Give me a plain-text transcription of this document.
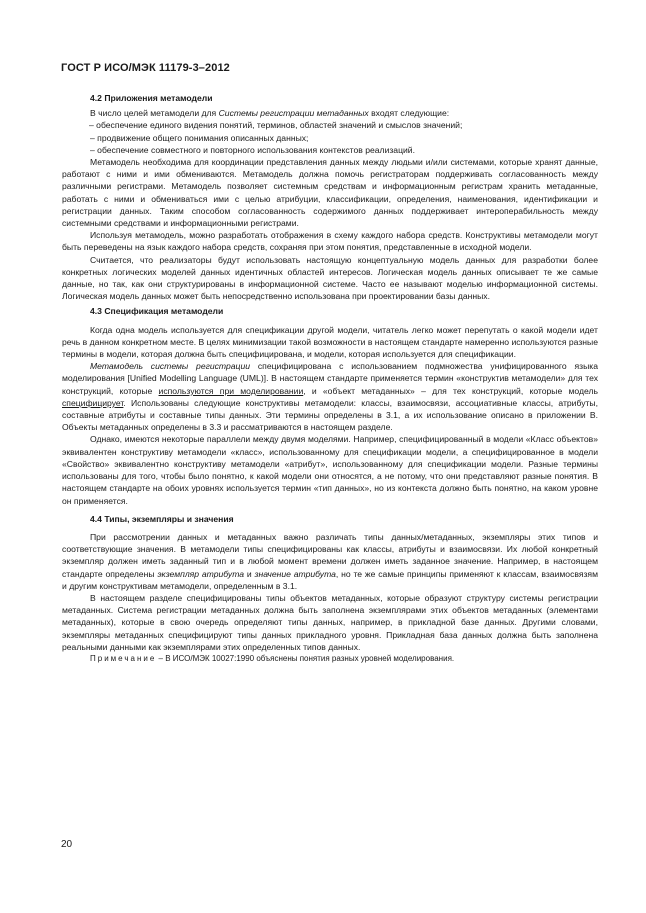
ГОСТ Р ИСО/МЭК 11179-3–2012
4.2 Приложения метамодели

В число целей метамодели для Системы регистрации метаданных входят следующие:

– обеспечение единого видения понятий, терминов, областей значений и смыслов значений;

– продвижение общего понимания описанных данных;

– обеспечение совместного и повторного использования контекстов реализаций.

Метамодель необходима для координации представления данных между людьми и/или системами, которые хранят данные, работают с ними и ими обмениваются. Метамодель должна помочь регистраторам поддерживать согласованность между различными регистрами. Метамодель позволяет системным средствам и информационным регистрам хранить метаданные, работать с ними и обмениваться ими с целью атрибуции, классификации, определения, наименования, идентификации и регистрации данных. Таким способом согласованность содержимого данных поддерживает интероперабильность между системными средствами и информационными регистрами.

Используя метамодель, можно разработать отображения в схему каждого набора средств. Конструктивы метамодели могут быть переведены на язык каждого набора средств, сохраняя при этом понятия, представленные в исходной модели.

Считается, что реализаторы будут использовать настоящую концептуальную модель данных для разработки более конкретных логических моделей данных идентичных областей интересов. Логическая модель данных описывает те же самые данные, но так, как они структурированы в информационной системе. Часто ее называют моделью информационной системы. Логическая модель данных может быть непосредственно использована при проектировании базы данных.

4.3 Спецификация метамодели

Когда одна модель используется для спецификации другой модели, читатель легко может перепутать о какой модели идет речь в данном конкретном месте. В целях минимизации такой возможности в настоящем стандарте намеренно используются разные термины в модели, которая должна быть специфицирована, и модели, которая используется для спецификации.

Метамодель системы регистрации специфицирована с использованием подмножества унифицированного языка моделирования [Unified Modelling Language (UML)]. В настоящем стандарте применяется термин «конструктив метамодели» для тех конструкций, которые используются при моделировании, и «объект метаданных» – для тех конструкций, которые модель специфицирует. Использованы следующие конструктивы метамодели: классы, взаимосвязи, ассоциативные классы, атрибуты, составные атрибуты и составные типы данных. Эти термины определены в 3.1, а их использование описано в приложении В. Объекты метаданных определены в 3.3 и рассматриваются в настоящем разделе.

Однако, имеются некоторые параллели между двумя моделями. Например, специфицированный в модели «Класс объектов» эквивалентен конструктиву метамодели «класс», использованному для спецификации модели, а специфицированное в модели «Свойство» эквивалентно конструктиву метамодели «атрибут», использованному для спецификации модели. Разные термины использованы для того, чтобы было понятно, к какой модели они относятся, а не потому, что они представляют разные понятия. В настоящем стандарте на обоих уровнях используется термин «тип данных», но из контекста должно быть понятно, на каком уровне он применяется.

4.4 Типы, экземпляры и значения

При рассмотрении данных и метаданных важно различать типы данных/метаданных, экземпляры этих типов и соответствующие значения. В метамодели типы специфицированы как классы, атрибуты и взаимосвязи. Их любой конкретный экземпляр должен иметь заданный тип и в любой момент времени должен иметь заданное значение. Например, в настоящем стандарте определены экземпляр атрибута и значение атрибута, но те же самые принципы применяют к классам, взаимосвязям и другим конструктивам метамодели, определенным в 3.1.

В настоящем разделе специфицированы типы объектов метаданных, которые образуют структуру системы регистрации метаданных. Система регистрации метаданных должна быть заполнена экземплярами этих объектов метаданных (элементами метаданных), которые в свою очередь определяют типы данных, например, в прикладной базе данных. Другими словами, экземпляры метаданных специфицируют типы данных прикладного уровня. Прикладная база данных должна быть заполнена реальными данными как экземплярами этих определенных типов данных.

Примечание – В ИСО/МЭК 10027:1990 объяснены понятия разных уровней моделирования.

20
